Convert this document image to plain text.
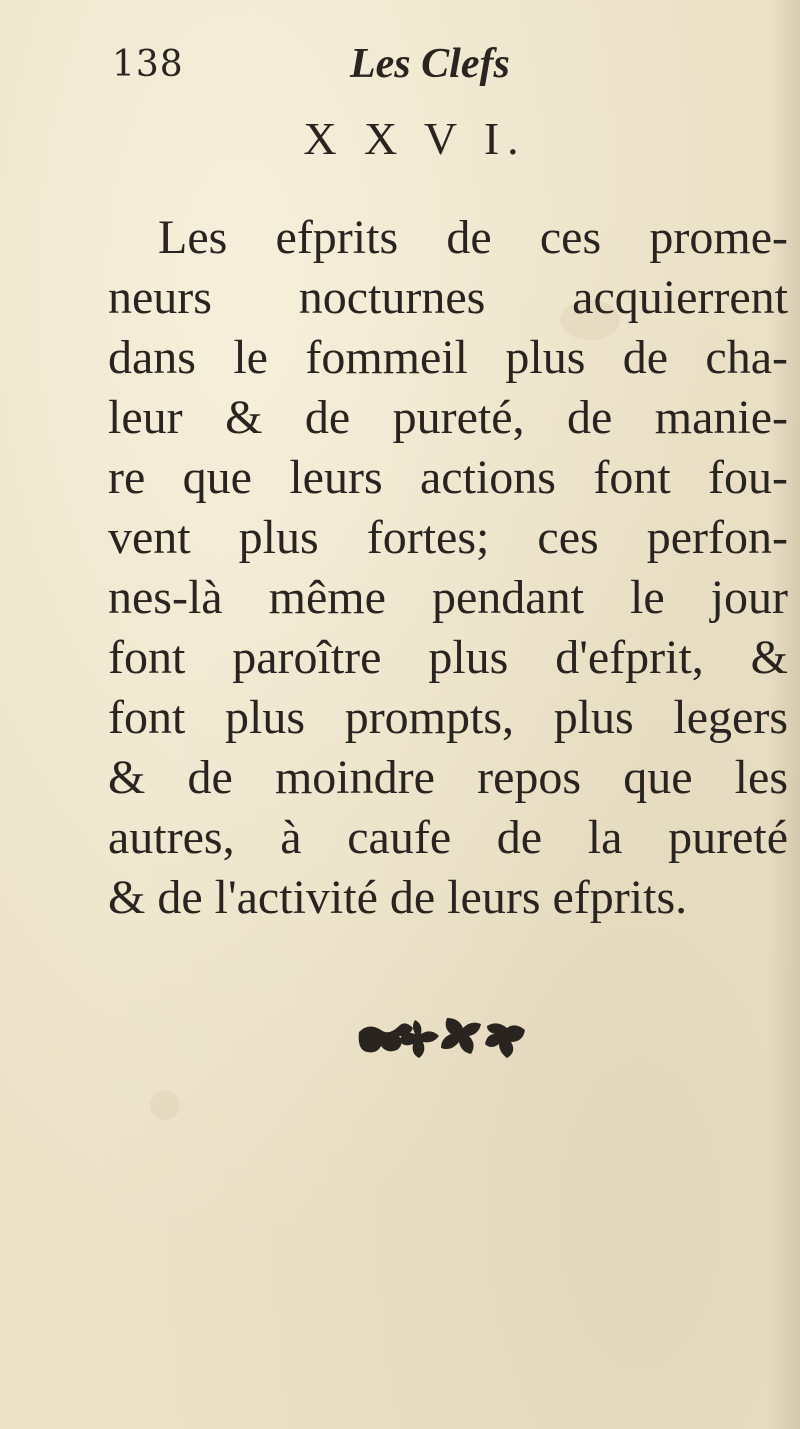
138	Les Clefs
X X V I.
Les efprits de ces prome-
neurs nocturnes acquierrent
dans le fommeil plus de cha-
leur & de pureté, de manie-
re que leurs actions font fou-
vent plus fortes; ces perfon-
nes-là même pendant le jour
font paroître plus d'efprit, &
font plus prompts, plus legers
& de moindre repos que les
autres, à caufe de la pureté
& de l'activité de leurs efprits.
